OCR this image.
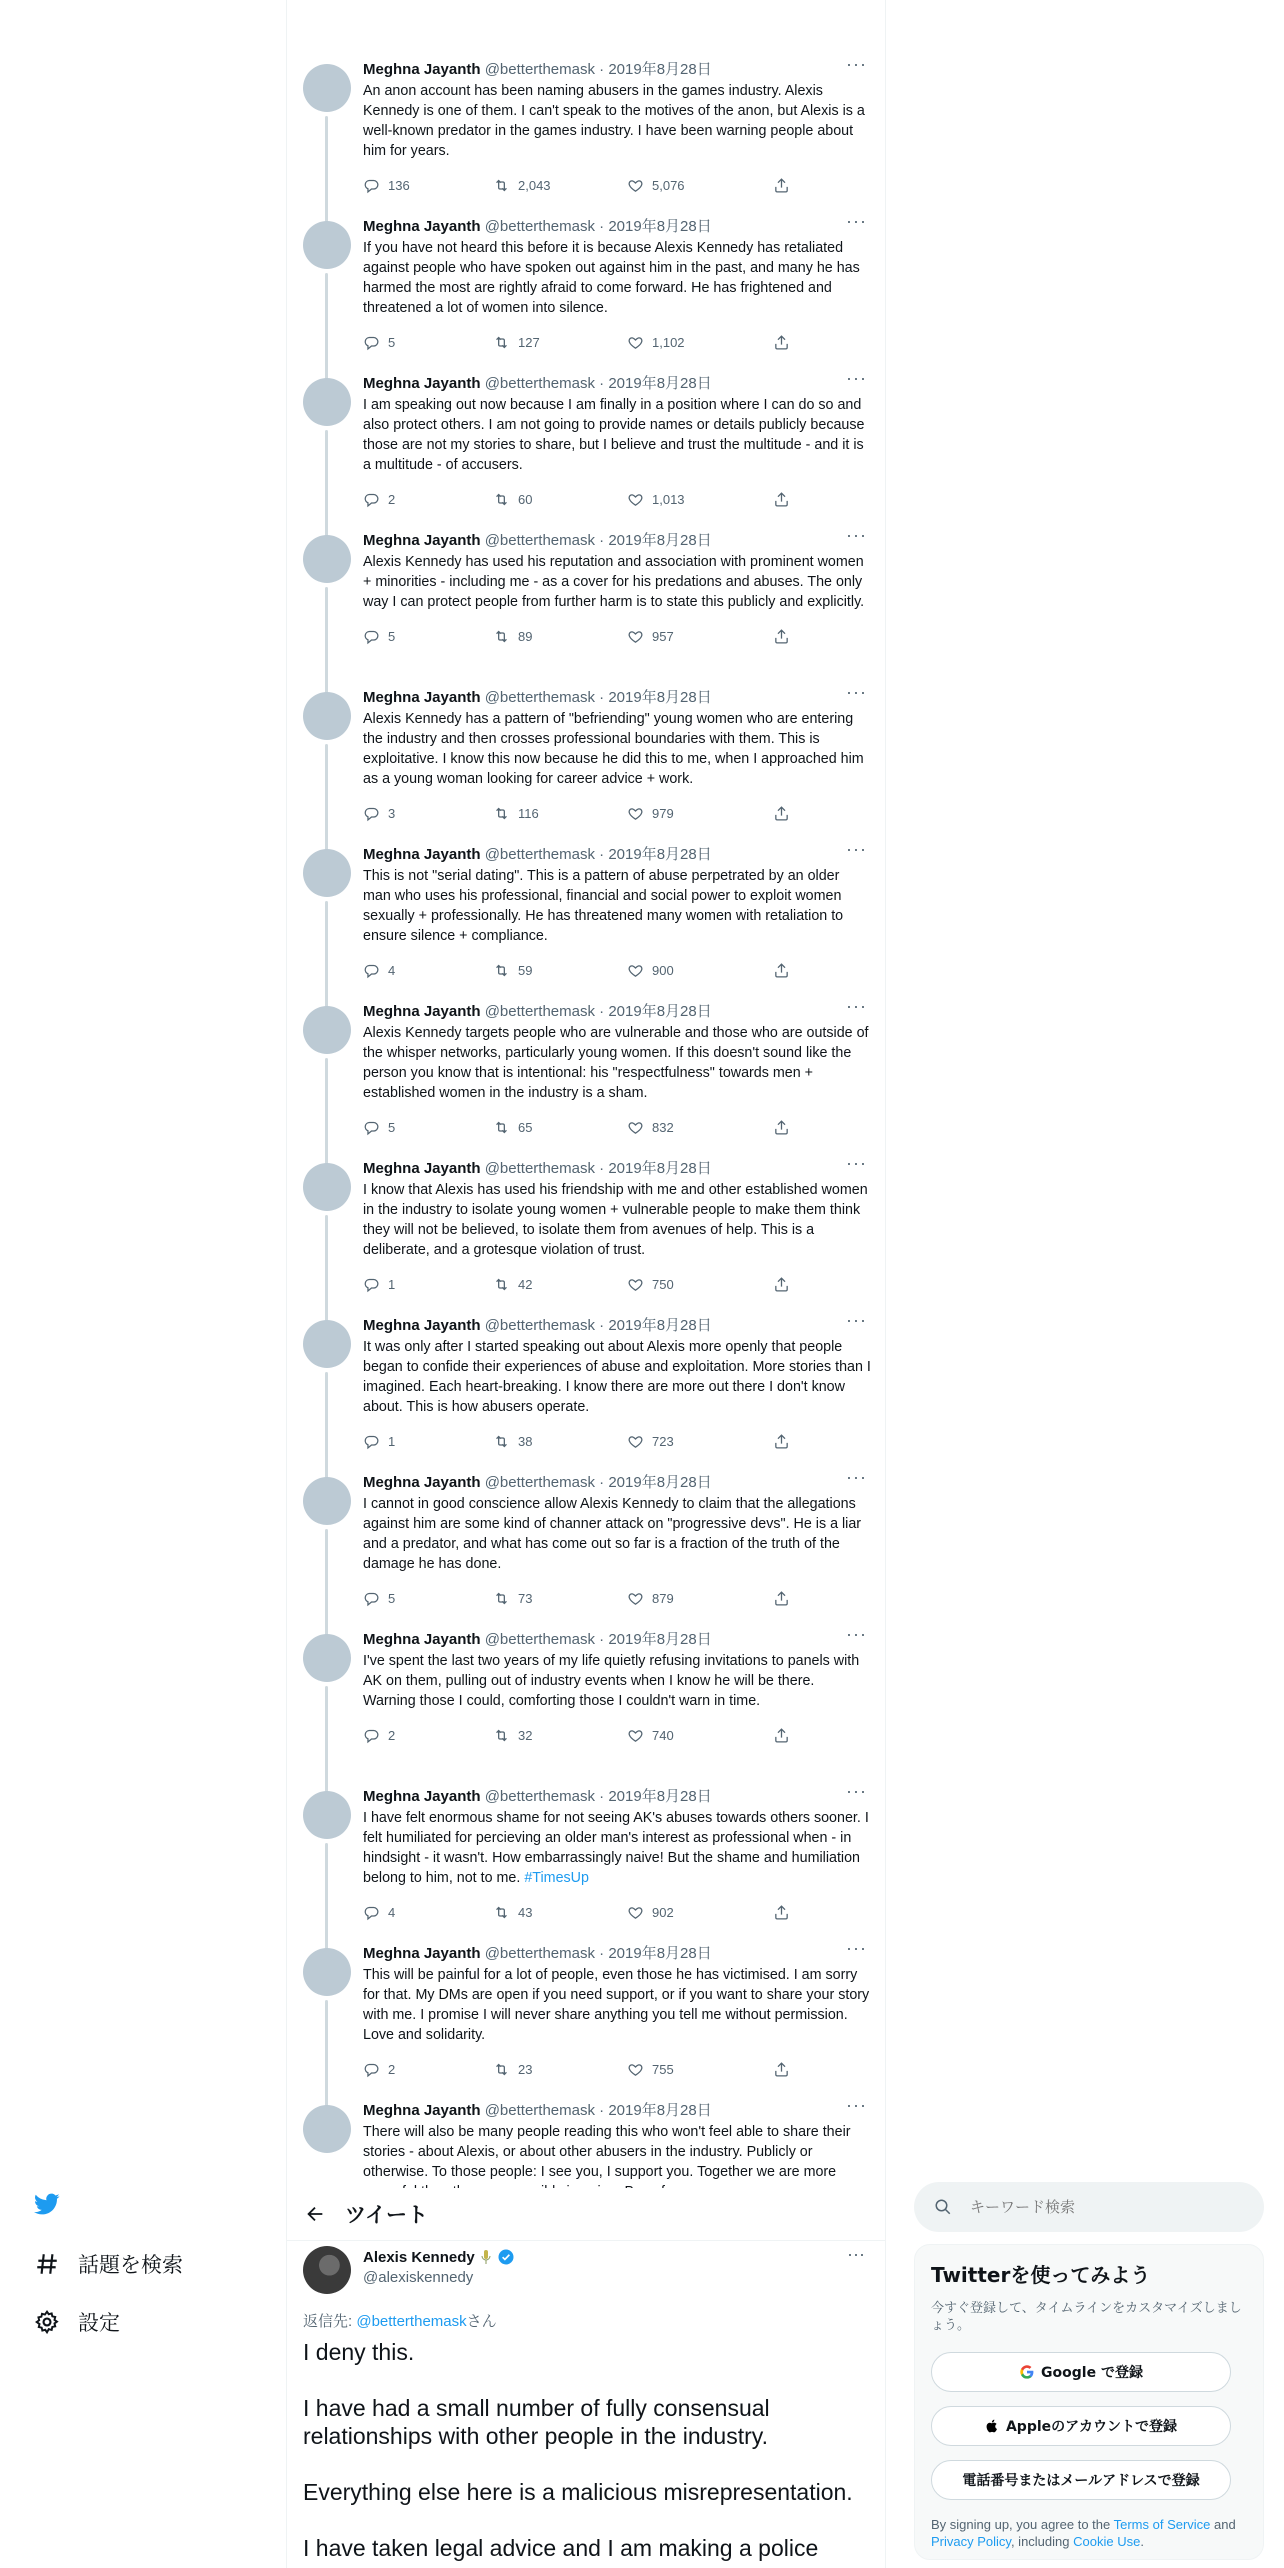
Meghna Jayanth @betterthemask · 2019年8月28日	···
An anon account has been naming abusers in the games industry. Alexis Kennedy is one of them. I can't speak to the motives of the anon, but Alexis is a well-known predator in the games industry. I have been warning people about him for years.
136	2,043	5,076
Meghna Jayanth @betterthemask · 2019年8月28日	···
If you have not heard this before it is because Alexis Kennedy has retaliated against people who have spoken out against him in the past, and many he has harmed the most are rightly afraid to come forward. He has frightened and threatened a lot of women into silence.
5	127	1,102
Meghna Jayanth @betterthemask · 2019年8月28日	···
I am speaking out now because I am finally in a position where I can do so and also protect others. I am not going to provide names or details publicly because those are not my stories to share, but I believe and trust the multitude - and it is a multitude - of accusers.
2	60	1,013
Meghna Jayanth @betterthemask · 2019年8月28日	···
Alexis Kennedy has used his reputation and association with prominent women + minorities - including me - as a cover for his predations and abuses. The only way I can protect people from further harm is to state this publicly and explicitly.
5	89	957
Meghna Jayanth @betterthemask · 2019年8月28日	···
Alexis Kennedy has a pattern of "befriending" young women who are entering the industry and then crosses professional boundaries with them. This is exploitative. I know this now because he did this to me, when I approached him as a young woman looking for career advice + work.
3	116	979
Meghna Jayanth @betterthemask · 2019年8月28日	···
This is not "serial dating". This is a pattern of abuse perpetrated by an older man who uses his professional, financial and social power to exploit women sexually + professionally. He has threatened many women with retaliation to ensure silence + compliance.
4	59	900
Meghna Jayanth @betterthemask · 2019年8月28日	···
Alexis Kennedy targets people who are vulnerable and those who are outside of the whisper networks, particularly young women. If this doesn't sound like the person you know that is intentional: his "respectfulness" towards men + established women in the industry is a sham.
5	65	832
Meghna Jayanth @betterthemask · 2019年8月28日	···
I know that Alexis has used his friendship with me and other established women in the industry to isolate young women + vulnerable people to make them think they will not be believed, to isolate them from avenues of help. This is a deliberate, and a grotesque violation of trust.
1	42	750
Meghna Jayanth @betterthemask · 2019年8月28日	···
It was only after I started speaking out about Alexis more openly that people began to confide their experiences of abuse and exploitation. More stories than I imagined. Each heart-breaking. I know there are more out there I don't know about. This is how abusers operate.
1	38	723
Meghna Jayanth @betterthemask · 2019年8月28日	···
I cannot in good conscience allow Alexis Kennedy to claim that the allegations against him are some kind of channer attack on "progressive devs". He is a liar and a predator, and what has come out so far is a fraction of the truth of the damage he has done.
5	73	879
Meghna Jayanth @betterthemask · 2019年8月28日	···
I've spent the last two years of my life quietly refusing invitations to panels with AK on them, pulling out of industry events when I know he will be there. Warning those I could, comforting those I couldn't warn in time.
2	32	740
Meghna Jayanth @betterthemask · 2019年8月28日	···
I have felt enormous shame for not seeing AK's abuses towards others sooner. I felt humiliated for percieving an older man's interest as professional when - in hindsight - it wasn't. How embarrassingly naive! But the shame and humiliation belong to him, not to me. #TimesUp
4	43	902
Meghna Jayanth @betterthemask · 2019年8月28日	···
This will be painful for a lot of people, even those he has victimised. I am sorry for that. My DMs are open if you need support, or if you want to share your story with me. I promise I will never share anything you tell me without permission. Love and solidarity.
2	23	755
Meghna Jayanth @betterthemask · 2019年8月28日	···
There will also be many people reading this who won't feel able to share their stories - about Alexis, or about other abusers in the industry. Publicly or otherwise. To those people: I see you, I support you. Together we are more
ツイート
Alexis Kennedy
@alexiskennedy
···
返信先: @betterthemaskさん

I deny this.

I have had a small number of fully consensual relationships with other people in the industry.

Everything else here is a malicious misrepresentation.

I have taken legal advice and I am making a police

話題を検索
設定
キーワード検索
Twitterを使ってみよう
今すぐ登録して、タイムラインをカスタマイズしましょう。
Google で登録
Appleのアカウントで登録
電話番号またはメールアドレスで登録
By signing up, you agree to the Terms of Service and Privacy Policy, including Cookie Use.
